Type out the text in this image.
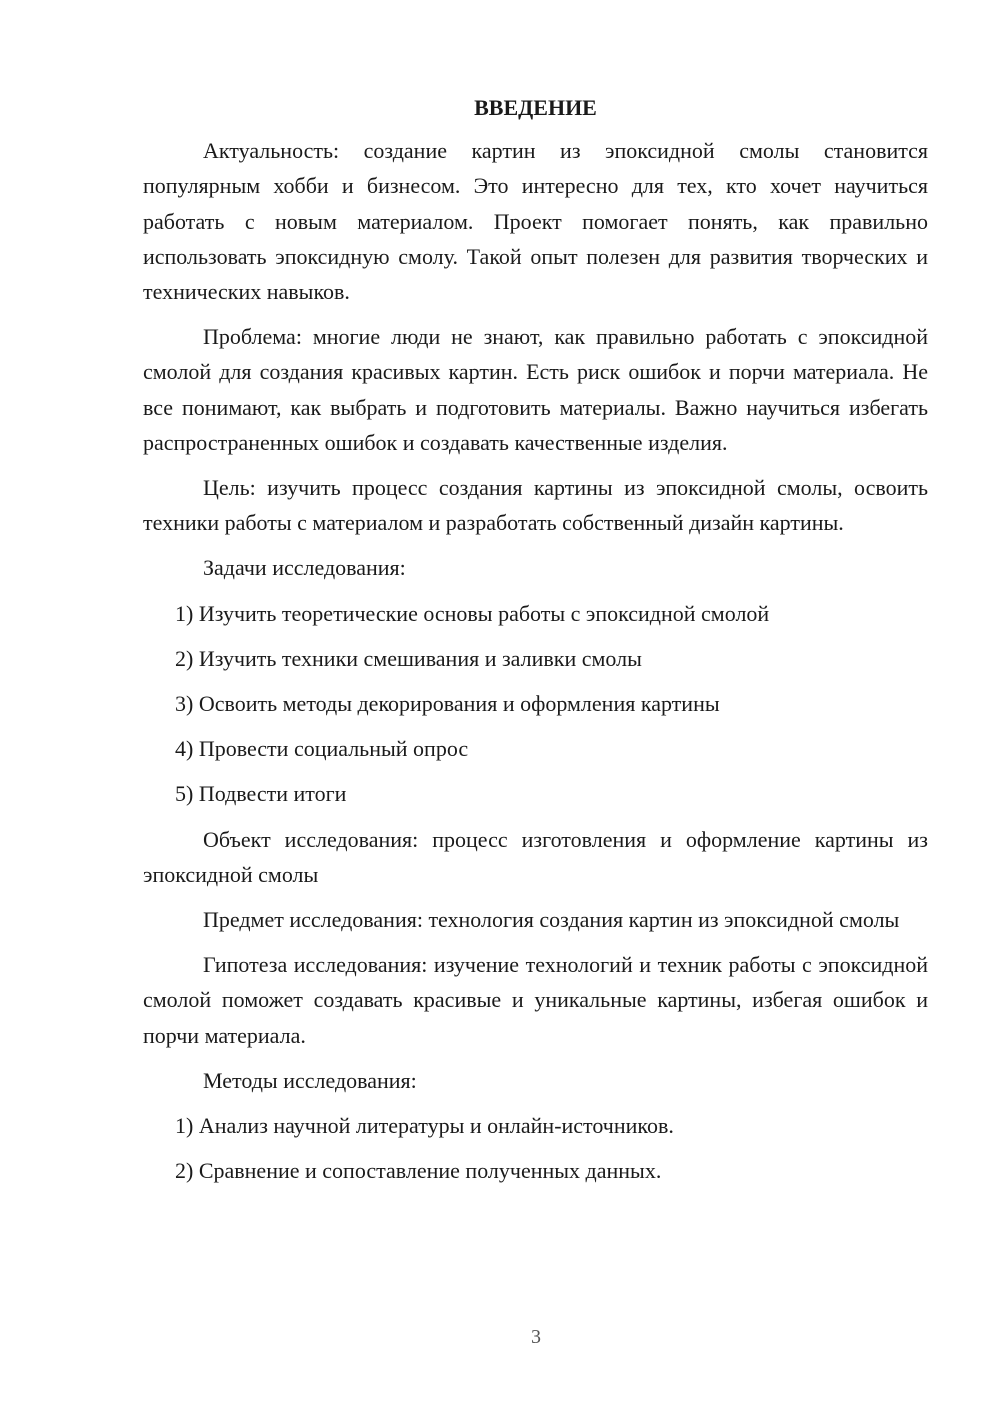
ВВЕДЕНИЕ
Актуальность: создание картин из эпоксидной смолы становится популярным хобби и бизнесом. Это интересно для тех, кто хочет научиться работать с новым материалом. Проект помогает понять, как правильно использовать эпоксидную смолу. Такой опыт полезен для развития творческих и технических навыков.
Проблема: многие люди не знают, как правильно работать с эпоксидной смолой для создания красивых картин. Есть риск ошибок и порчи материала. Не все понимают, как выбрать и подготовить материалы. Важно научиться избегать распространенных ошибок и создавать качественные изделия.
Цель: изучить процесс создания картины из эпоксидной смолы, освоить техники работы с материалом и разработать собственный дизайн картины.
Задачи исследования:
1) Изучить теоретические основы работы с эпоксидной смолой
2) Изучить техники смешивания и заливки смолы
3) Освоить методы декорирования и оформления картины
4) Провести социальный опрос
5) Подвести итоги
Объект исследования: процесс изготовления и оформление картины из эпоксидной смолы
Предмет исследования: технология создания картин из эпоксидной смолы
Гипотеза исследования: изучение технологий и техник работы с эпоксидной смолой поможет создавать красивые и уникальные картины, избегая ошибок и порчи материала.
Методы исследования:
1) Анализ научной литературы и онлайн-источников.
2) Сравнение и сопоставление полученных данных.
3
